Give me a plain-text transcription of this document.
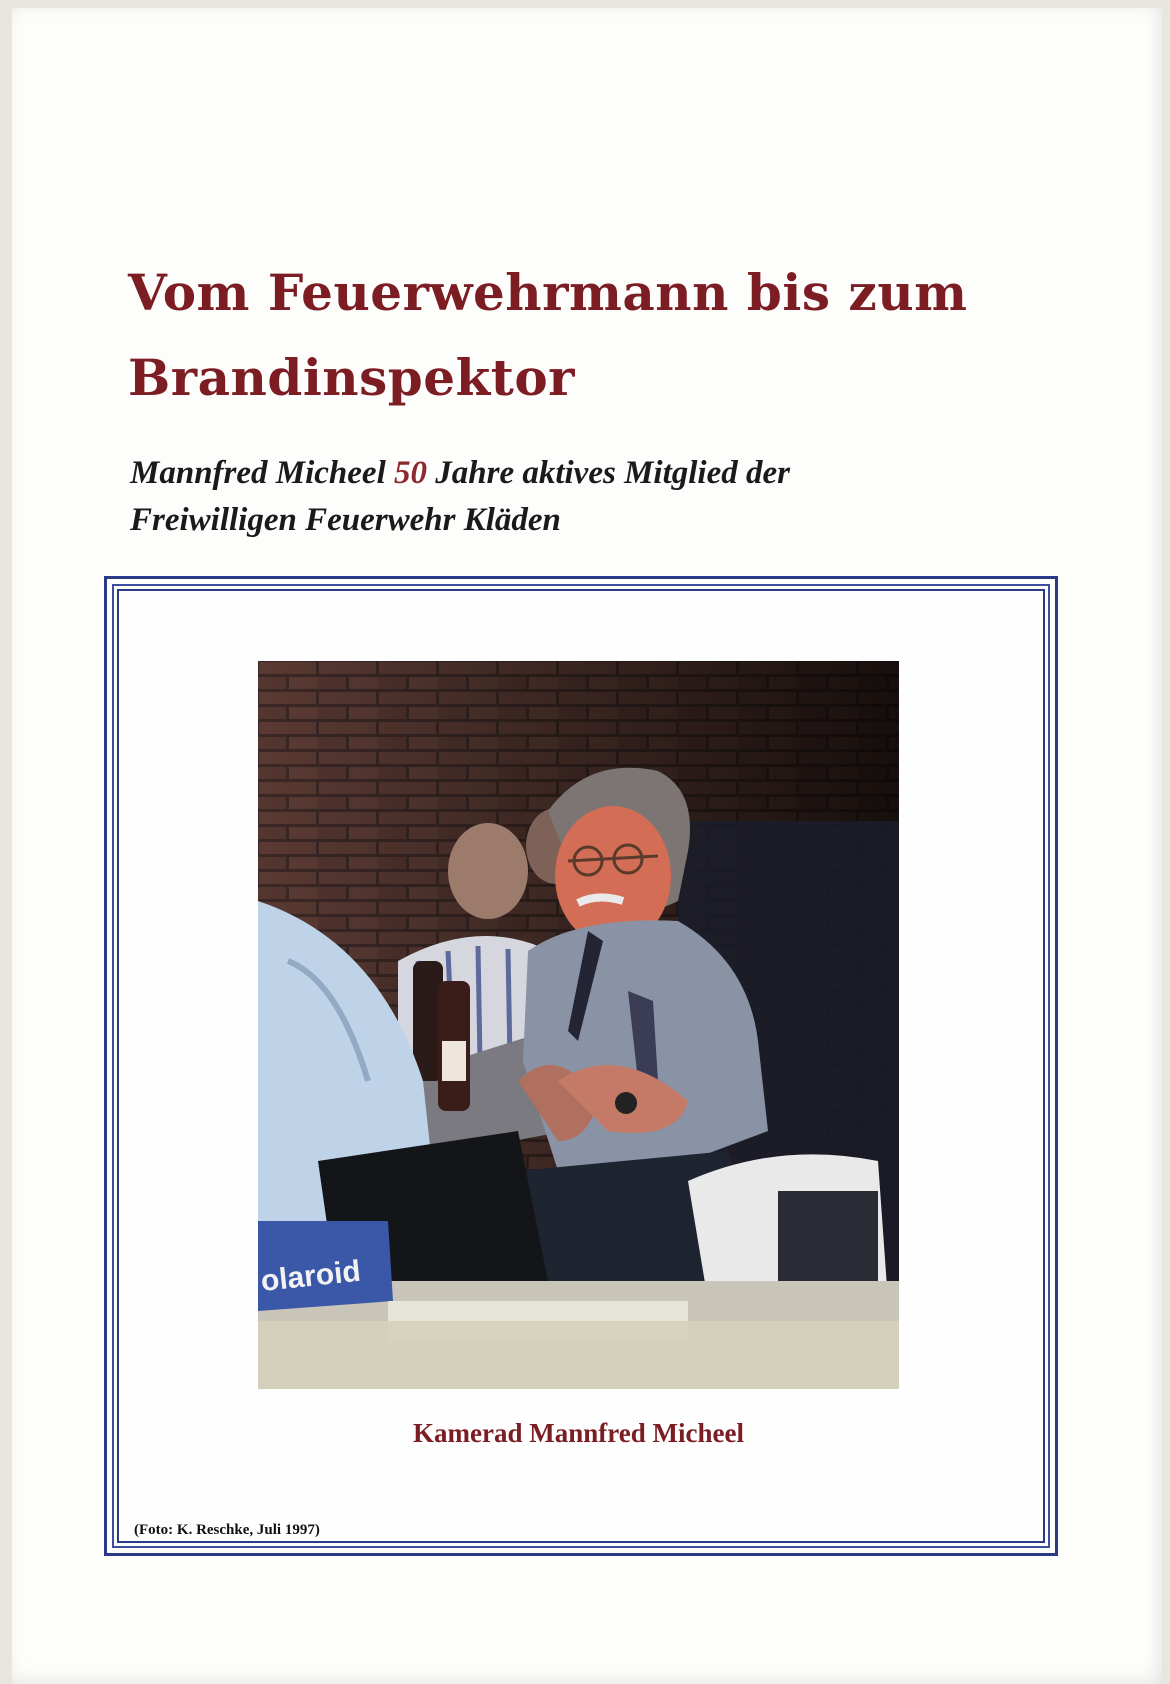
Vom Feuerwehrmann bis zum
Brandinspektor
Mannfred Micheel 50 Jahre aktives Mitglied der
Freiwilligen Feuerwehr Kläden
olaroid
Kamerad Mannfred Micheel
(Foto: K. Reschke, Juli 1997)
